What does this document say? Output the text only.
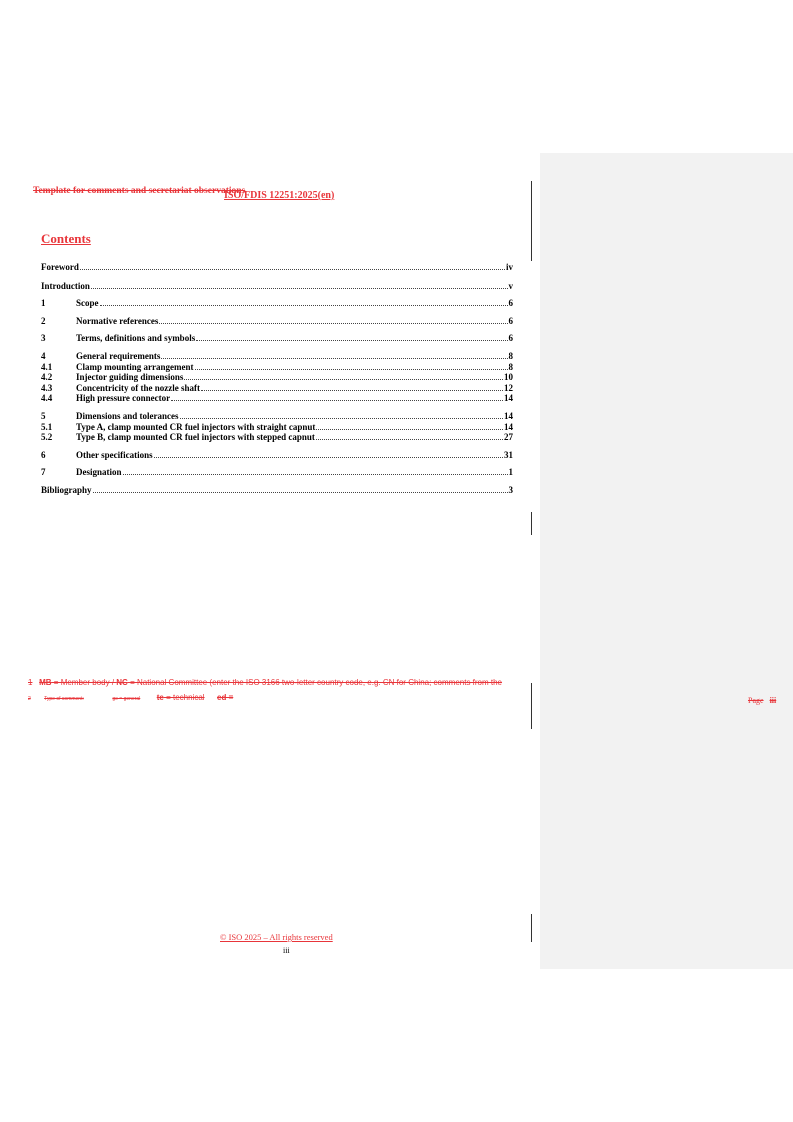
Template for comments and secretariat observations
ISO/FDIS 12251:2025(en)
Contents
Foreword	iv
Introduction	v
1	Scope	6
2	Normative references	6
3	Terms, definitions and symbols	6
4	General requirements	8
4.1	Clamp mounting arrangement	8
4.2	Injector guiding dimensions	10
4.3	Concentricity of the nozzle shaft	12
4.4	High pressure connector	14
5	Dimensions and tolerances	14
5.1	Type A, clamp mounted CR fuel injectors with straight capnut	14
5.2	Type B, clamp mounted CR fuel injectors with stepped capnut	27
6	Other specifications	31
7	Designation	1
Bibliography	3
1 MB = Member body / NC = National Committee (enter the ISO 3166 two-letter country code, e.g. CN for China; comments from the
2	Type of comment:	ge = general te = technical ed =	Page iii
© ISO 2025 – All rights reserved
iii
